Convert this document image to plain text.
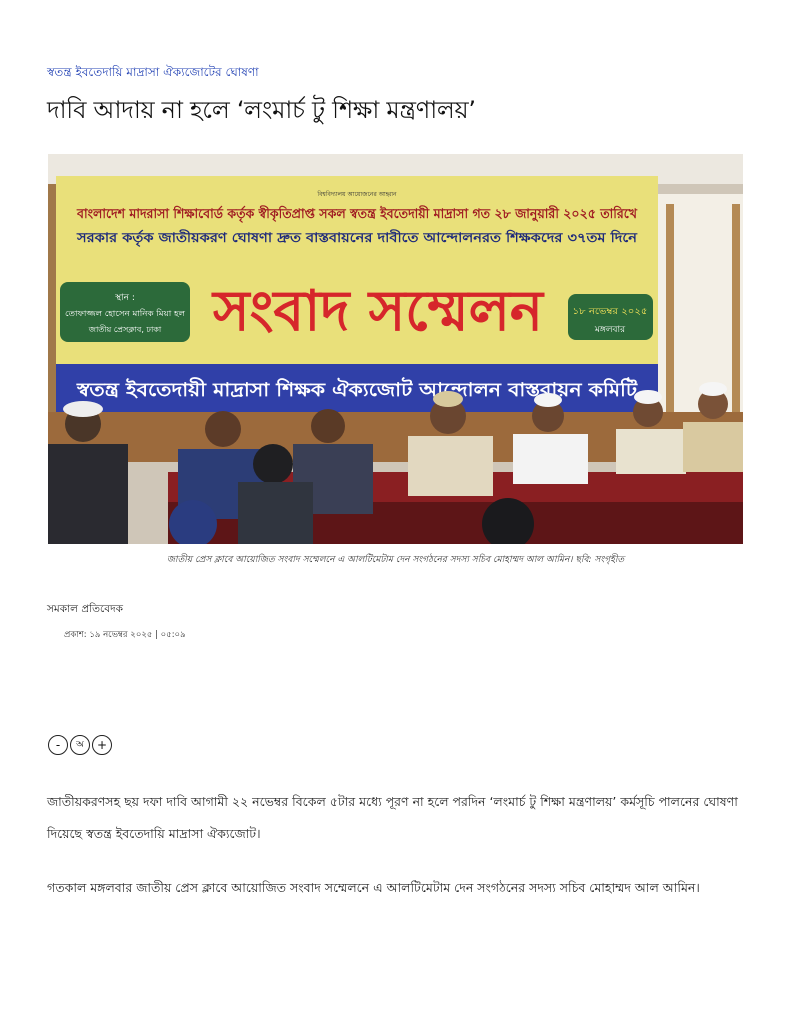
স্বতন্ত্র ইবতেদায়ি মাদ্রাসা ঐক্যজোটের ঘোষণা
দাবি আদায় না হলে ‘লংমার্চ টু শিক্ষা মন্ত্রণালয়’
বিশ্ববিদ্যালয় আয়োজনের আহ্বান
বাংলাদেশ মাদরাসা শিক্ষাবোর্ড কর্তৃক স্বীকৃতিপ্রাপ্ত সকল স্বতন্ত্র ইবতেদায়ী মাদ্রাসা গত ২৮ জানুয়ারী ২০২৫ তারিখে
সরকার কর্তৃক জাতীয়করণ ঘোষণা দ্রুত বাস্তবায়নের দাবীতে আন্দোলনরত শিক্ষকদের ৩৭তম দিনে
স্থান :
তোফাজ্জল হোসেন মানিক মিয়া হল
জাতীয় প্রেসক্লাব, ঢাকা সংবাদ সম্মেলন	১৮ নভেম্বর ২০২৫
মঙ্গলবার
স্বতন্ত্র ইবতেদায়ী মাদ্রাসা শিক্ষক ঐক্যজোট আন্দোলন বাস্তবায়ন কমিটি
জাতীয় প্রেস ক্লাবে আয়োজিত সংবাদ সম্মেলনে এ আলটিমেটাম দেন সংগঠনের সদস্য সচিব মোহাম্মদ আল আমিন। ছবি: সংগৃহীত
সমকাল প্রতিবেদক
প্রকাশ: ১৯ নভেম্বর ২০২৫ | ০৫:০৯
-	অ	+
জাতীয়করণসহ ছয় দফা দাবি আগামী ২২ নভেম্বর বিকেল ৫টার মধ্যে পূরণ না হলে পরদিন ‘লংমার্চ টু শিক্ষা মন্ত্রণালয়’ কর্মসূচি পালনের ঘোষণা দিয়েছে স্বতন্ত্র ইবতেদায়ি মাদ্রাসা ঐক্যজোট।
গতকাল মঙ্গলবার জাতীয় প্রেস ক্লাবে আয়োজিত সংবাদ সম্মেলনে এ আলটিমেটাম দেন সংগঠনের সদস্য সচিব মোহাম্মদ আল আমিন।
